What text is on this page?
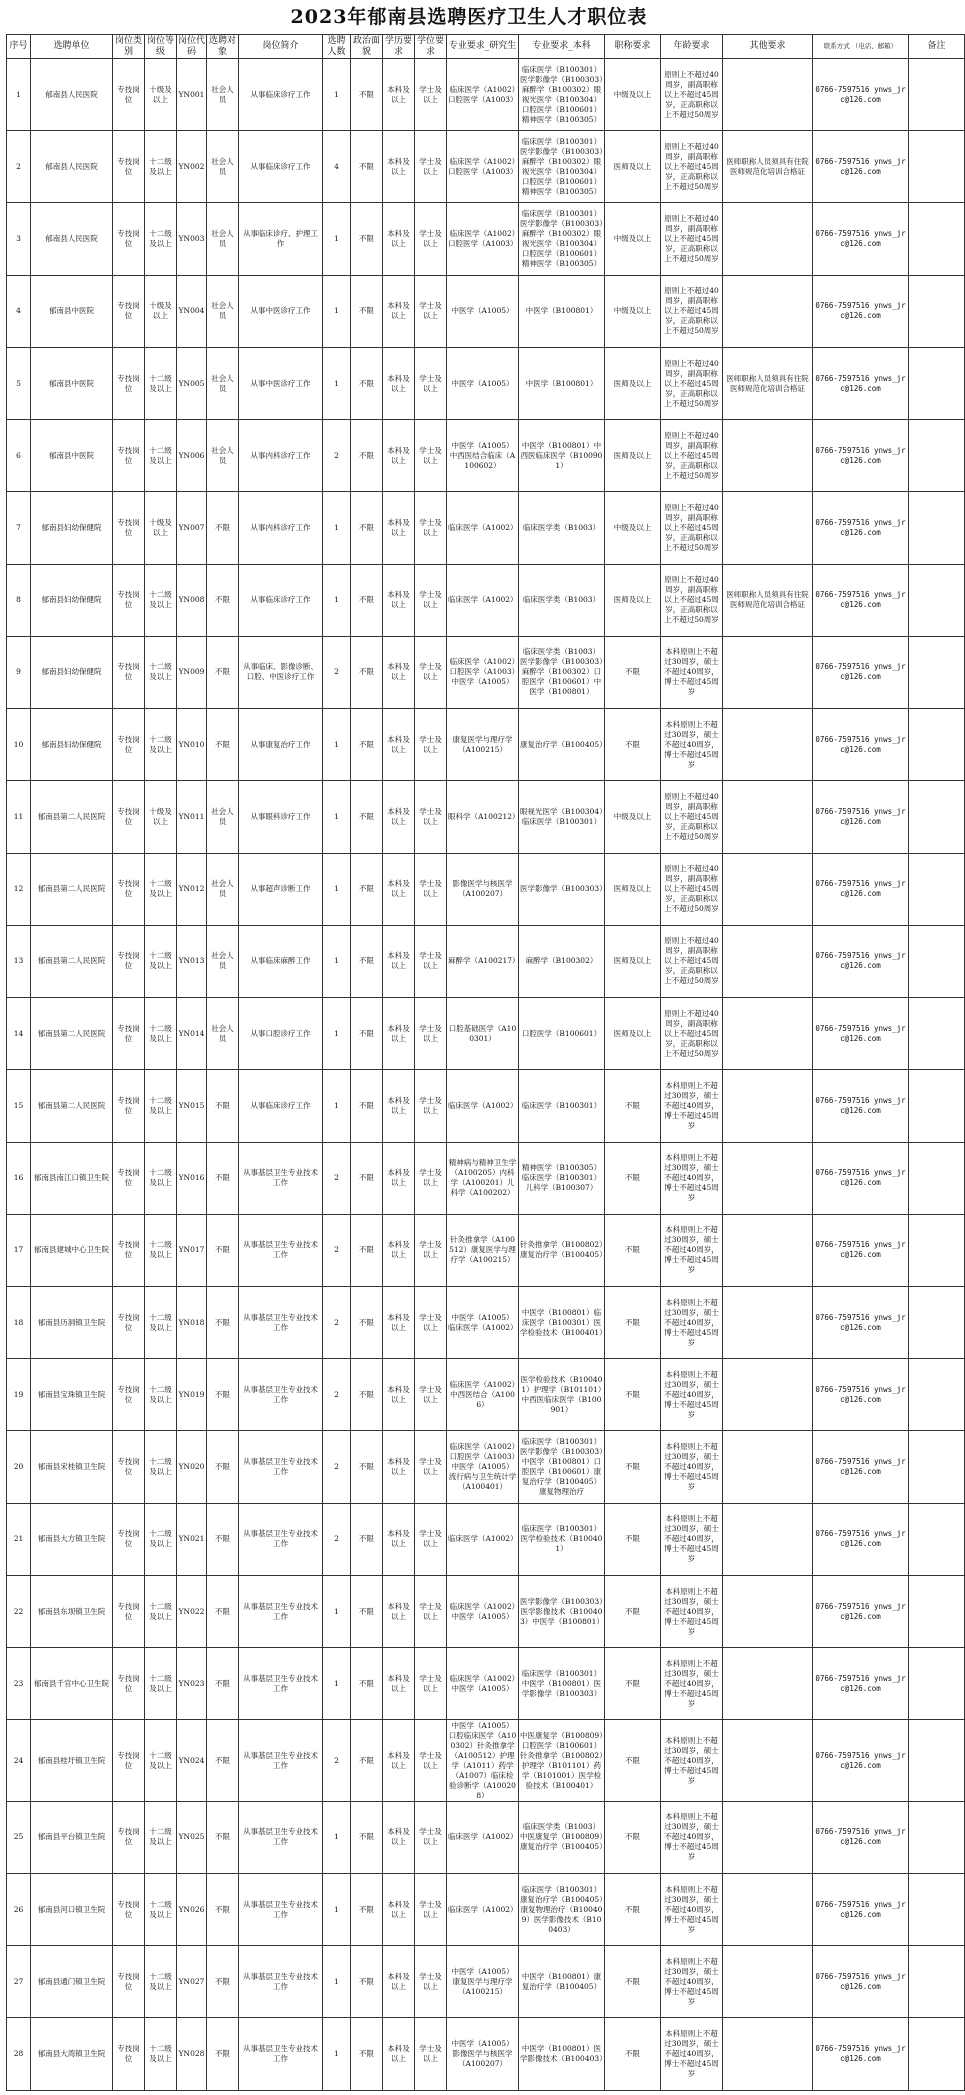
2023年郁南县选聘医疗卫生人才职位表
序号	选聘单位	岗位类别	岗位等级	岗位代码	选聘对象	岗位简介	选聘人数	政治面貌	学历要求	学位要求	专业要求_研究生	专业要求_本科	职称要求	年龄要求	其他要求	联系方式 （电话、邮箱）	备注
1	郁南县人民医院	专技岗位	十级及以上	YN001	社会人员	从事临床诊疗工作	1	不限	本科及以上	学士及以上	临床医学（A1002）口腔医学（A1003）	临床医学（B100301）医学影像学（B100303）麻醉学（B100302）眼视光医学（B100304）口腔医学（B100601）精神医学（B100305）	中级及以上	原则上不超过40周岁，副高职称以上不超过45周岁，正高职称以上不超过50周岁		0766-7597516 ynws_jrc@126.com	
2	郁南县人民医院	专技岗位	十二级及以上	YN002	社会人员	从事临床诊疗工作	4	不限	本科及以上	学士及以上	临床医学（A1002）口腔医学（A1003）	临床医学（B100301）医学影像学（B100303）麻醉学（B100302）眼视光医学（B100304）口腔医学（B100601）精神医学（B100305）	医师及以上	原则上不超过40周岁，副高职称以上不超过45周岁，正高职称以上不超过50周岁	医师职称人员须具有住院医师规范化培训合格证	0766-7597516 ynws_jrc@126.com	
3	郁南县人民医院	专技岗位	十二级及以上	YN003	社会人员	从事临床诊疗、护理工作	1	不限	本科及以上	学士及以上	临床医学（A1002）口腔医学（A1003）	临床医学（B100301）医学影像学（B100303）麻醉学（B100302）眼视光医学（B100304）口腔医学（B100601）精神医学（B100305）	中级及以上	原则上不超过40周岁，副高职称以上不超过45周岁，正高职称以上不超过50周岁		0766-7597516 ynws_jrc@126.com	
4	郁南县中医院	专技岗位	十级及以上	YN004	社会人员	从事中医诊疗工作	1	不限	本科及以上	学士及以上	中医学（A1005）	中医学（B100801）	中级及以上	原则上不超过40周岁，副高职称以上不超过45周岁，正高职称以上不超过50周岁		0766-7597516 ynws_jrc@126.com	
5	郁南县中医院	专技岗位	十二级及以上	YN005	社会人员	从事中医诊疗工作	1	不限	本科及以上	学士及以上	中医学（A1005）	中医学（B100801）	医师及以上	原则上不超过40周岁，副高职称以上不超过45周岁，正高职称以上不超过50周岁	医师职称人员须具有住院医师规范化培训合格证	0766-7597516 ynws_jrc@126.com	
6	郁南县中医院	专技岗位	十二级及以上	YN006	社会人员	从事内科诊疗工作	2	不限	本科及以上	学士及以上	中医学（A1005）中西医结合临床（A100602）	中医学（B100801）中西医临床医学（B100901）	医师及以上	原则上不超过40周岁，副高职称以上不超过45周岁，正高职称以上不超过50周岁		0766-7597516 ynws_jrc@126.com	
7	郁南县妇幼保健院	专技岗位	十级及以上	YN007	不限	从事内科诊疗工作	1	不限	本科及以上	学士及以上	临床医学（A1002）	临床医学类（B1003）	中级及以上	原则上不超过40周岁，副高职称以上不超过45周岁，正高职称以上不超过50周岁		0766-7597516 ynws_jrc@126.com	
8	郁南县妇幼保健院	专技岗位	十二级及以上	YN008	不限	从事临床诊疗工作	1	不限	本科及以上	学士及以上	临床医学（A1002）	临床医学类（B1003）	医师及以上	原则上不超过40周岁，副高职称以上不超过45周岁，正高职称以上不超过50周岁	医师职称人员须具有住院医师规范化培训合格证	0766-7597516 ynws_jrc@126.com	
9	郁南县妇幼保健院	专技岗位	十二级及以上	YN009	不限	从事临床、影像诊断、口腔、中医诊疗工作	2	不限	本科及以上	学士及以上	临床医学（A1002）口腔医学（A1003）中医学（A1005）	临床医学类（B1003）医学影像学（B100303）麻醉学（B100302）口腔医学（B100601）中医学（B100801）	不限	本科原则上不超过30周岁，硕士不超过40周岁，博士不超过45周岁		0766-7597516 ynws_jrc@126.com	
10	郁南县妇幼保健院	专技岗位	十二级及以上	YN010	不限	从事康复治疗工作	1	不限	本科及以上	学士及以上	康复医学与理疗学（A100215）	康复治疗学（B100405）	不限	本科原则上不超过30周岁，硕士不超过40周岁，博士不超过45周岁		0766-7597516 ynws_jrc@126.com	
11	郁南县第二人民医院	专技岗位	十级及以上	YN011	社会人员	从事眼科诊疗工作	1	不限	本科及以上	学士及以上	眼科学（A100212）	眼视光医学（B100304）临床医学（B100301）	中级及以上	原则上不超过40周岁，副高职称以上不超过45周岁，正高职称以上不超过50周岁		0766-7597516 ynws_jrc@126.com	
12	郁南县第二人民医院	专技岗位	十二级及以上	YN012	社会人员	从事超声诊断工作	1	不限	本科及以上	学士及以上	影像医学与核医学（A100207）	医学影像学（B100303）	医师及以上	原则上不超过40周岁，副高职称以上不超过45周岁，正高职称以上不超过50周岁		0766-7597516 ynws_jrc@126.com	
13	郁南县第二人民医院	专技岗位	十二级及以上	YN013	社会人员	从事临床麻醉工作	1	不限	本科及以上	学士及以上	麻醉学（A100217）	麻醉学（B100302）	医师及以上	原则上不超过40周岁，副高职称以上不超过45周岁，正高职称以上不超过50周岁		0766-7597516 ynws_jrc@126.com	
14	郁南县第二人民医院	专技岗位	十二级及以上	YN014	社会人员	从事口腔诊疗工作	1	不限	本科及以上	学士及以上	口腔基础医学（A100301）	口腔医学（B100601）	医师及以上	原则上不超过40周岁，副高职称以上不超过45周岁，正高职称以上不超过50周岁		0766-7597516 ynws_jrc@126.com	
15	郁南县第二人民医院	专技岗位	十二级及以上	YN015	不限	从事临床诊疗工作	1	不限	本科及以上	学士及以上	临床医学（A1002）	临床医学（B100301）	不限	本科原则上不超过30周岁，硕士不超过40周岁，博士不超过45周岁		0766-7597516 ynws_jrc@126.com	
16	郁南县南江口镇卫生院	专技岗位	十二级及以上	YN016	不限	从事基层卫生专业技术工作	2	不限	本科及以上	学士及以上	精神病与精神卫生学（A100205）内科学（A100201）儿科学（A100202）	精神医学（B100305）临床医学（B100301）儿科学（B100307）	不限	本科原则上不超过30周岁，硕士不超过40周岁，博士不超过45周岁		0766-7597516 ynws_jrc@126.com	
17	郁南县建城中心卫生院	专技岗位	十二级及以上	YN017	不限	从事基层卫生专业技术工作	2	不限	本科及以上	学士及以上	针灸推拿学（A100512）康复医学与理疗学（A100215）	针灸推拿学（B100802）康复治疗学（B100405）	不限	本科原则上不超过30周岁，硕士不超过40周岁，博士不超过45周岁		0766-7597516 ynws_jrc@126.com	
18	郁南县历洞镇卫生院	专技岗位	十二级及以上	YN018	不限	从事基层卫生专业技术工作	2	不限	本科及以上	学士及以上	中医学（A1005）临床医学（A1002）	中医学（B100801）临床医学（B100301）医学检验技术（B100401）	不限	本科原则上不超过30周岁，硕士不超过40周岁，博士不超过45周岁		0766-7597516 ynws_jrc@126.com	
19	郁南县宝珠镇卫生院	专技岗位	十二级及以上	YN019	不限	从事基层卫生专业技术工作	2	不限	本科及以上	学士及以上	临床医学（A1002）中西医结合（A1006）	医学检验技术（B100401）护理学（B101101）中西医临床医学（B100901）	不限	本科原则上不超过30周岁，硕士不超过40周岁，博士不超过45周岁		0766-7597516 ynws_jrc@126.com	
20	郁南县宋桂镇卫生院	专技岗位	十二级及以上	YN020	不限	从事基层卫生专业技术工作	2	不限	本科及以上	学士及以上	临床医学（A1002）口腔医学（A1003）中医学（A1005）流行病与卫生统计学（A100401）	临床医学（B100301）医学影像学（B100303）中医学（B100801）口腔医学（B100601）康复治疗学（B100405）康复物理治疗	不限	本科原则上不超过30周岁，硕士不超过40周岁，博士不超过45周岁		0766-7597516 ynws_jrc@126.com	
21	郁南县大方镇卫生院	专技岗位	十二级及以上	YN021	不限	从事基层卫生专业技术工作	2	不限	本科及以上	学士及以上	临床医学（A1002）	临床医学（B100301）医学检验技术（B100401）	不限	本科原则上不超过30周岁，硕士不超过40周岁，博士不超过45周岁		0766-7597516 ynws_jrc@126.com	
22	郁南县东坝镇卫生院	专技岗位	十二级及以上	YN022	不限	从事基层卫生专业技术工作	1	不限	本科及以上	学士及以上	临床医学（A1002）中医学（A1005）	医学影像学（B100303）医学影像技术（B100403）中医学（B100801）	不限	本科原则上不超过30周岁，硕士不超过40周岁，博士不超过45周岁		0766-7597516 ynws_jrc@126.com	
23	郁南县千官中心卫生院	专技岗位	十二级及以上	YN023	不限	从事基层卫生专业技术工作	1	不限	本科及以上	学士及以上	临床医学（A1002）中医学（A1005）	临床医学（B100301）中医学（B100801）医学影像学（B100303）	不限	本科原则上不超过30周岁，硕士不超过40周岁，博士不超过45周岁		0766-7597516 ynws_jrc@126.com	
24	郁南县桂圩镇卫生院	专技岗位	十二级及以上	YN024	不限	从事基层卫生专业技术工作	2	不限	本科及以上	学士及以上	中医学（A1005）口腔临床医学（A100302）针灸推拿学（A100512）护理学（A1011）药学（A1007）临床检验诊断学（A100208）	中医康复学（B100809）口腔医学（B100601）针灸推拿学（B100802）护理学（B101101）药学（B101001）医学检验技术（B100401）	不限	本科原则上不超过30周岁，硕士不超过40周岁，博士不超过45周岁		0766-7597516 ynws_jrc@126.com	
25	郁南县平台镇卫生院	专技岗位	十二级及以上	YN025	不限	从事基层卫生专业技术工作	1	不限	本科及以上	学士及以上	临床医学（A1002）	临床医学类（B1003）中医康复学（B100809）康复治疗学（B100405）	不限	本科原则上不超过30周岁，硕士不超过40周岁，博士不超过45周岁		0766-7597516 ynws_jrc@126.com	
26	郁南县河口镇卫生院	专技岗位	十二级及以上	YN026	不限	从事基层卫生专业技术工作	1	不限	本科及以上	学士及以上	临床医学（A1002）	临床医学（B100301）康复治疗学（B100405）康复物理治疗（B100409）医学影像技术（B100403）	不限	本科原则上不超过30周岁，硕士不超过40周岁，博士不超过45周岁		0766-7597516 ynws_jrc@126.com	
27	郁南县通门镇卫生院	专技岗位	十二级及以上	YN027	不限	从事基层卫生专业技术工作	1	不限	本科及以上	学士及以上	中医学（A1005）康复医学与理疗学（A100215）	中医学（B100801）康复治疗学（B100405）	不限	本科原则上不超过30周岁，硕士不超过40周岁，博士不超过45周岁		0766-7597516 ynws_jrc@126.com	
28	郁南县大湾镇卫生院	专技岗位	十二级及以上	YN028	不限	从事基层卫生专业技术工作	1	不限	本科及以上	学士及以上	中医学（A1005）影像医学与核医学（A100207）	中医学（B100801）医学影像技术（B100403）	不限	本科原则上不超过30周岁，硕士不超过40周岁，博士不超过45周岁		0766-7597516 ynws_jrc@126.com	
